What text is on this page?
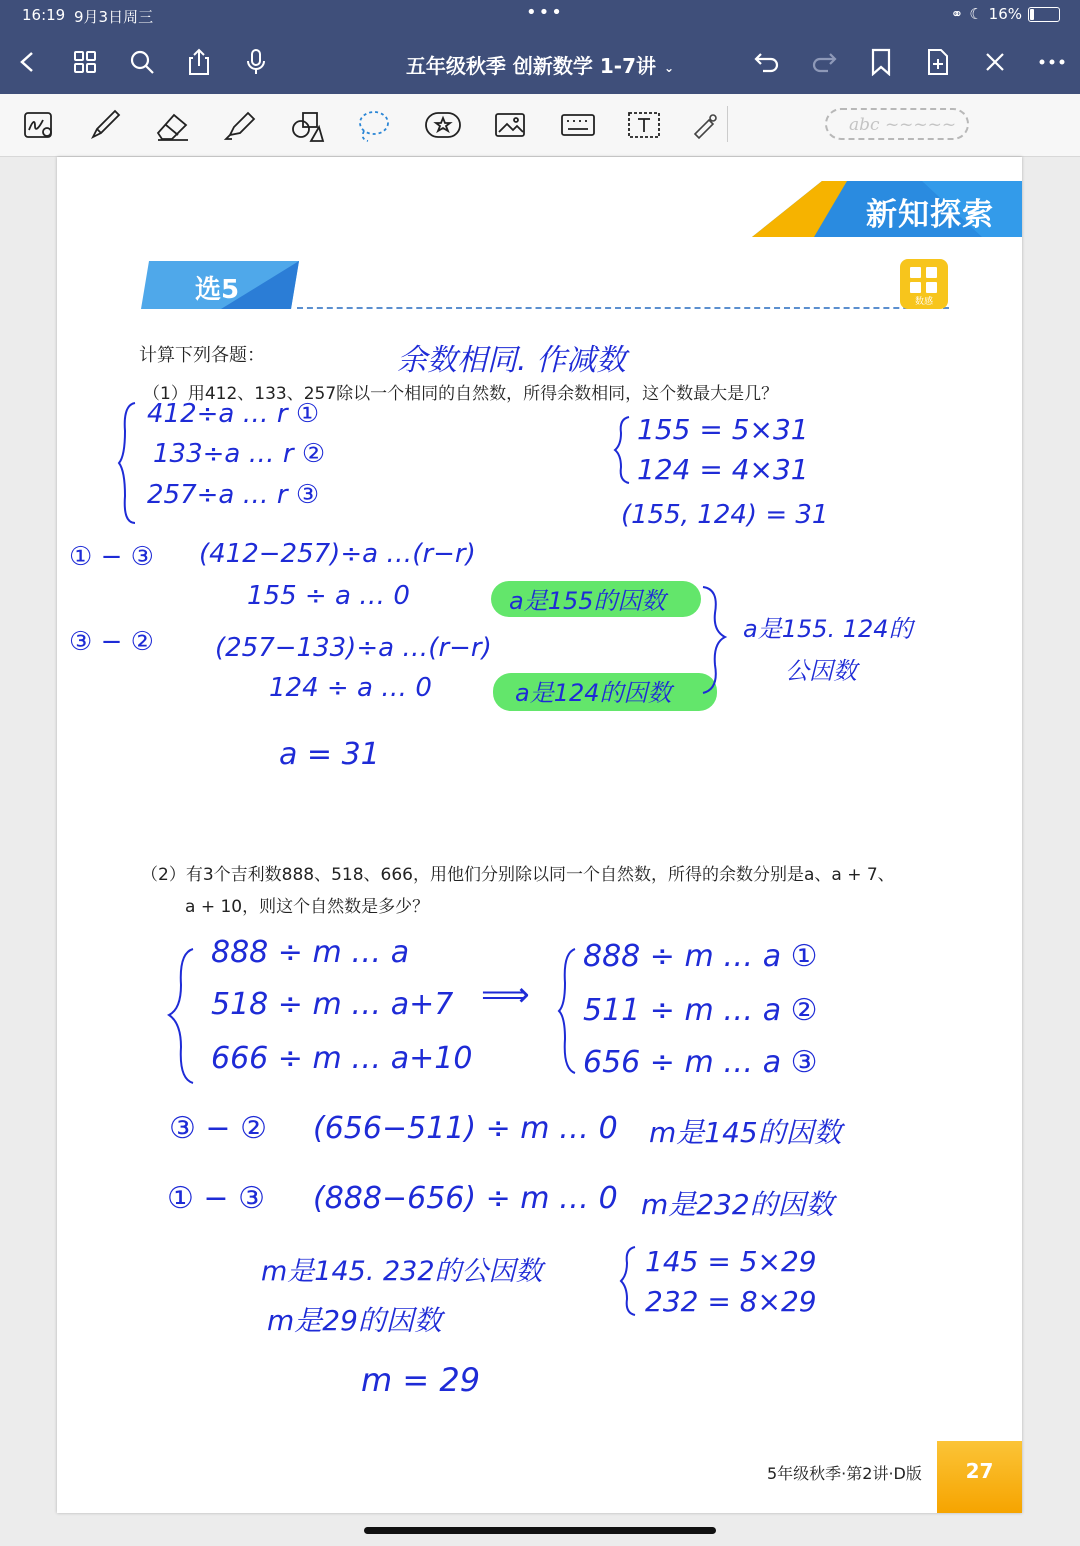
16:19 9月3日周三	•••	⚭ ☾ 16%
五年级秋季 创新数学 1-7讲 ⌄
abc ~~~~~
新知探索
选5	数感
计算下列各题：
（1）用412、133、257除以一个相同的自然数，所得余数相同，这个数最大是几？
（2）有3个吉利数888、518、666，用他们分别除以同一个自然数，所得的余数分别是a、a + 7、
a + 10，则这个自然数是多少？
余数相同. 作减数
412÷a … r ①
133÷a … r ②
257÷a … r ③
155 = 5×31
124 = 4×31
(155, 124) = 31
① − ③ (412−257)÷a …(r−r)
155 ÷ a … 0	a是155的因数
③ − ② (257−133)÷a …(r−r)
124 ÷ a … 0	a是124的因数
a是155. 124的
公因数
a = 31
888 ÷ m … a
518 ÷ m … a+7
666 ÷ m … a+10
⟹
888 ÷ m … a ①
511 ÷ m … a ②
656 ÷ m … a ③
③ − ② (656−511) ÷ m … 0 m是145的因数
① − ③ (888−656) ÷ m … 0 m是232的因数
m是145. 232的公因数
m是29的因数
145 = 5×29
232 = 8×29
m = 29
5年级秋季·第2讲·D版	27
